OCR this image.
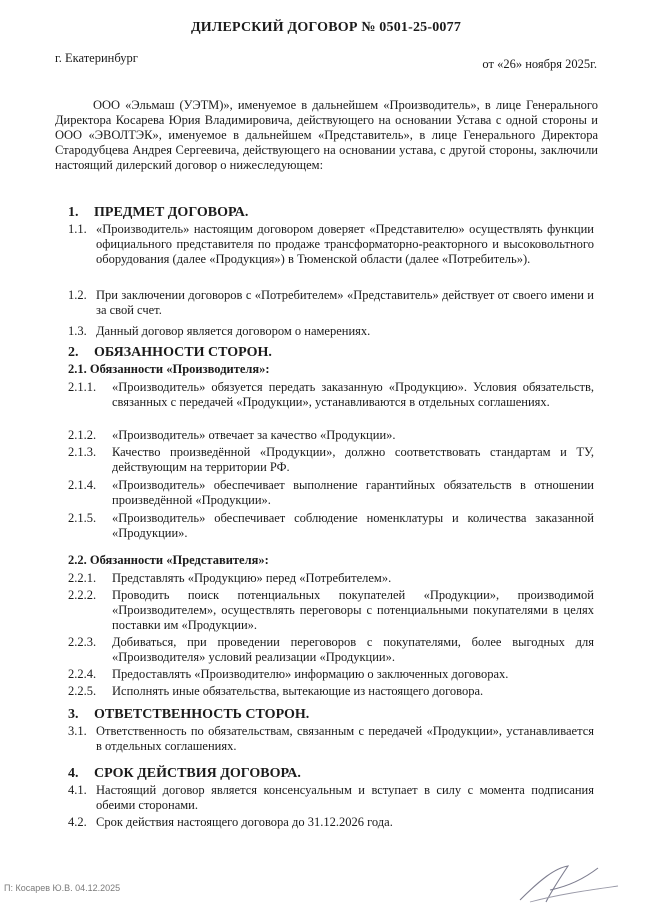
ДИЛЕРСКИЙ ДОГОВОР № 0501-25-0077
г. Екатеринбург	от «26» ноября 2025г.
ООО «Эльмаш (УЭТМ)», именуемое в дальнейшем «Производитель», в лице Генерального Директора Косарева Юрия Владимировича, действующего на основании Устава с одной стороны и ООО «ЭВОЛТЭК», именуемое в дальнейшем «Представитель», в лице Генерального Директора Стародубцева Андрея Сергеевича, действующего на основании устава, с другой стороны, заключили настоящий дилерский договор о нижеследующем:
1. ПРЕДМЕТ ДОГОВОРА.
1.1. «Производитель» настоящим договором доверяет «Представителю» осуществлять функции официального представителя по продаже трансформаторно-реакторного и высоковольтного оборудования (далее «Продукция») в Тюменской области (далее «Потребитель»).
1.2. При заключении договоров с «Потребителем» «Представитель» действует от своего имени и за свой счет.
1.3. Данный договор является договором о намерениях.
2. ОБЯЗАННОСТИ СТОРОН.
2.1. Обязанности «Производителя»:
2.1.1.	«Производитель» обязуется передать заказанную «Продукцию». Условия обязательств, связанных с передачей «Продукции», устанавливаются в отдельных соглашениях.
2.1.2.	«Производитель» отвечает за качество «Продукции».
2.1.3.	Качество произведённой «Продукции», должно соответствовать стандартам и ТУ, действующим на территории РФ.
2.1.4.	«Производитель» обеспечивает выполнение гарантийных обязательств в отношении произведённой «Продукции».
2.1.5.	«Производитель» обеспечивает соблюдение номенклатуры и количества заказанной «Продукции».
2.2. Обязанности «Представителя»:
2.2.1.	Представлять «Продукцию» перед «Потребителем».
2.2.2.	Проводить поиск потенциальных покупателей «Продукции», производимой «Производителем», осуществлять переговоры с потенциальными покупателями в целях поставки им «Продукции».
2.2.3.	Добиваться, при проведении переговоров с покупателями, более выгодных для «Производителя» условий реализации «Продукции».
2.2.4.	Предоставлять «Производителю» информацию о заключенных договорах.
2.2.5.	Исполнять иные обязательства, вытекающие из настоящего договора.
3. ОТВЕТСТВЕННОСТЬ СТОРОН.
3.1. Ответственность по обязательствам, связанным с передачей «Продукции», устанавливается в отдельных соглашениях.
4. СРОК ДЕЙСТВИЯ ДОГОВОРА.
4.1. Настоящий договор является консенсуальным и вступает в силу с момента подписания обеими сторонами.
4.2. Срок действия настоящего договора до 31.12.2026 года.
П: Косарев Ю.В. 04.12.2025
